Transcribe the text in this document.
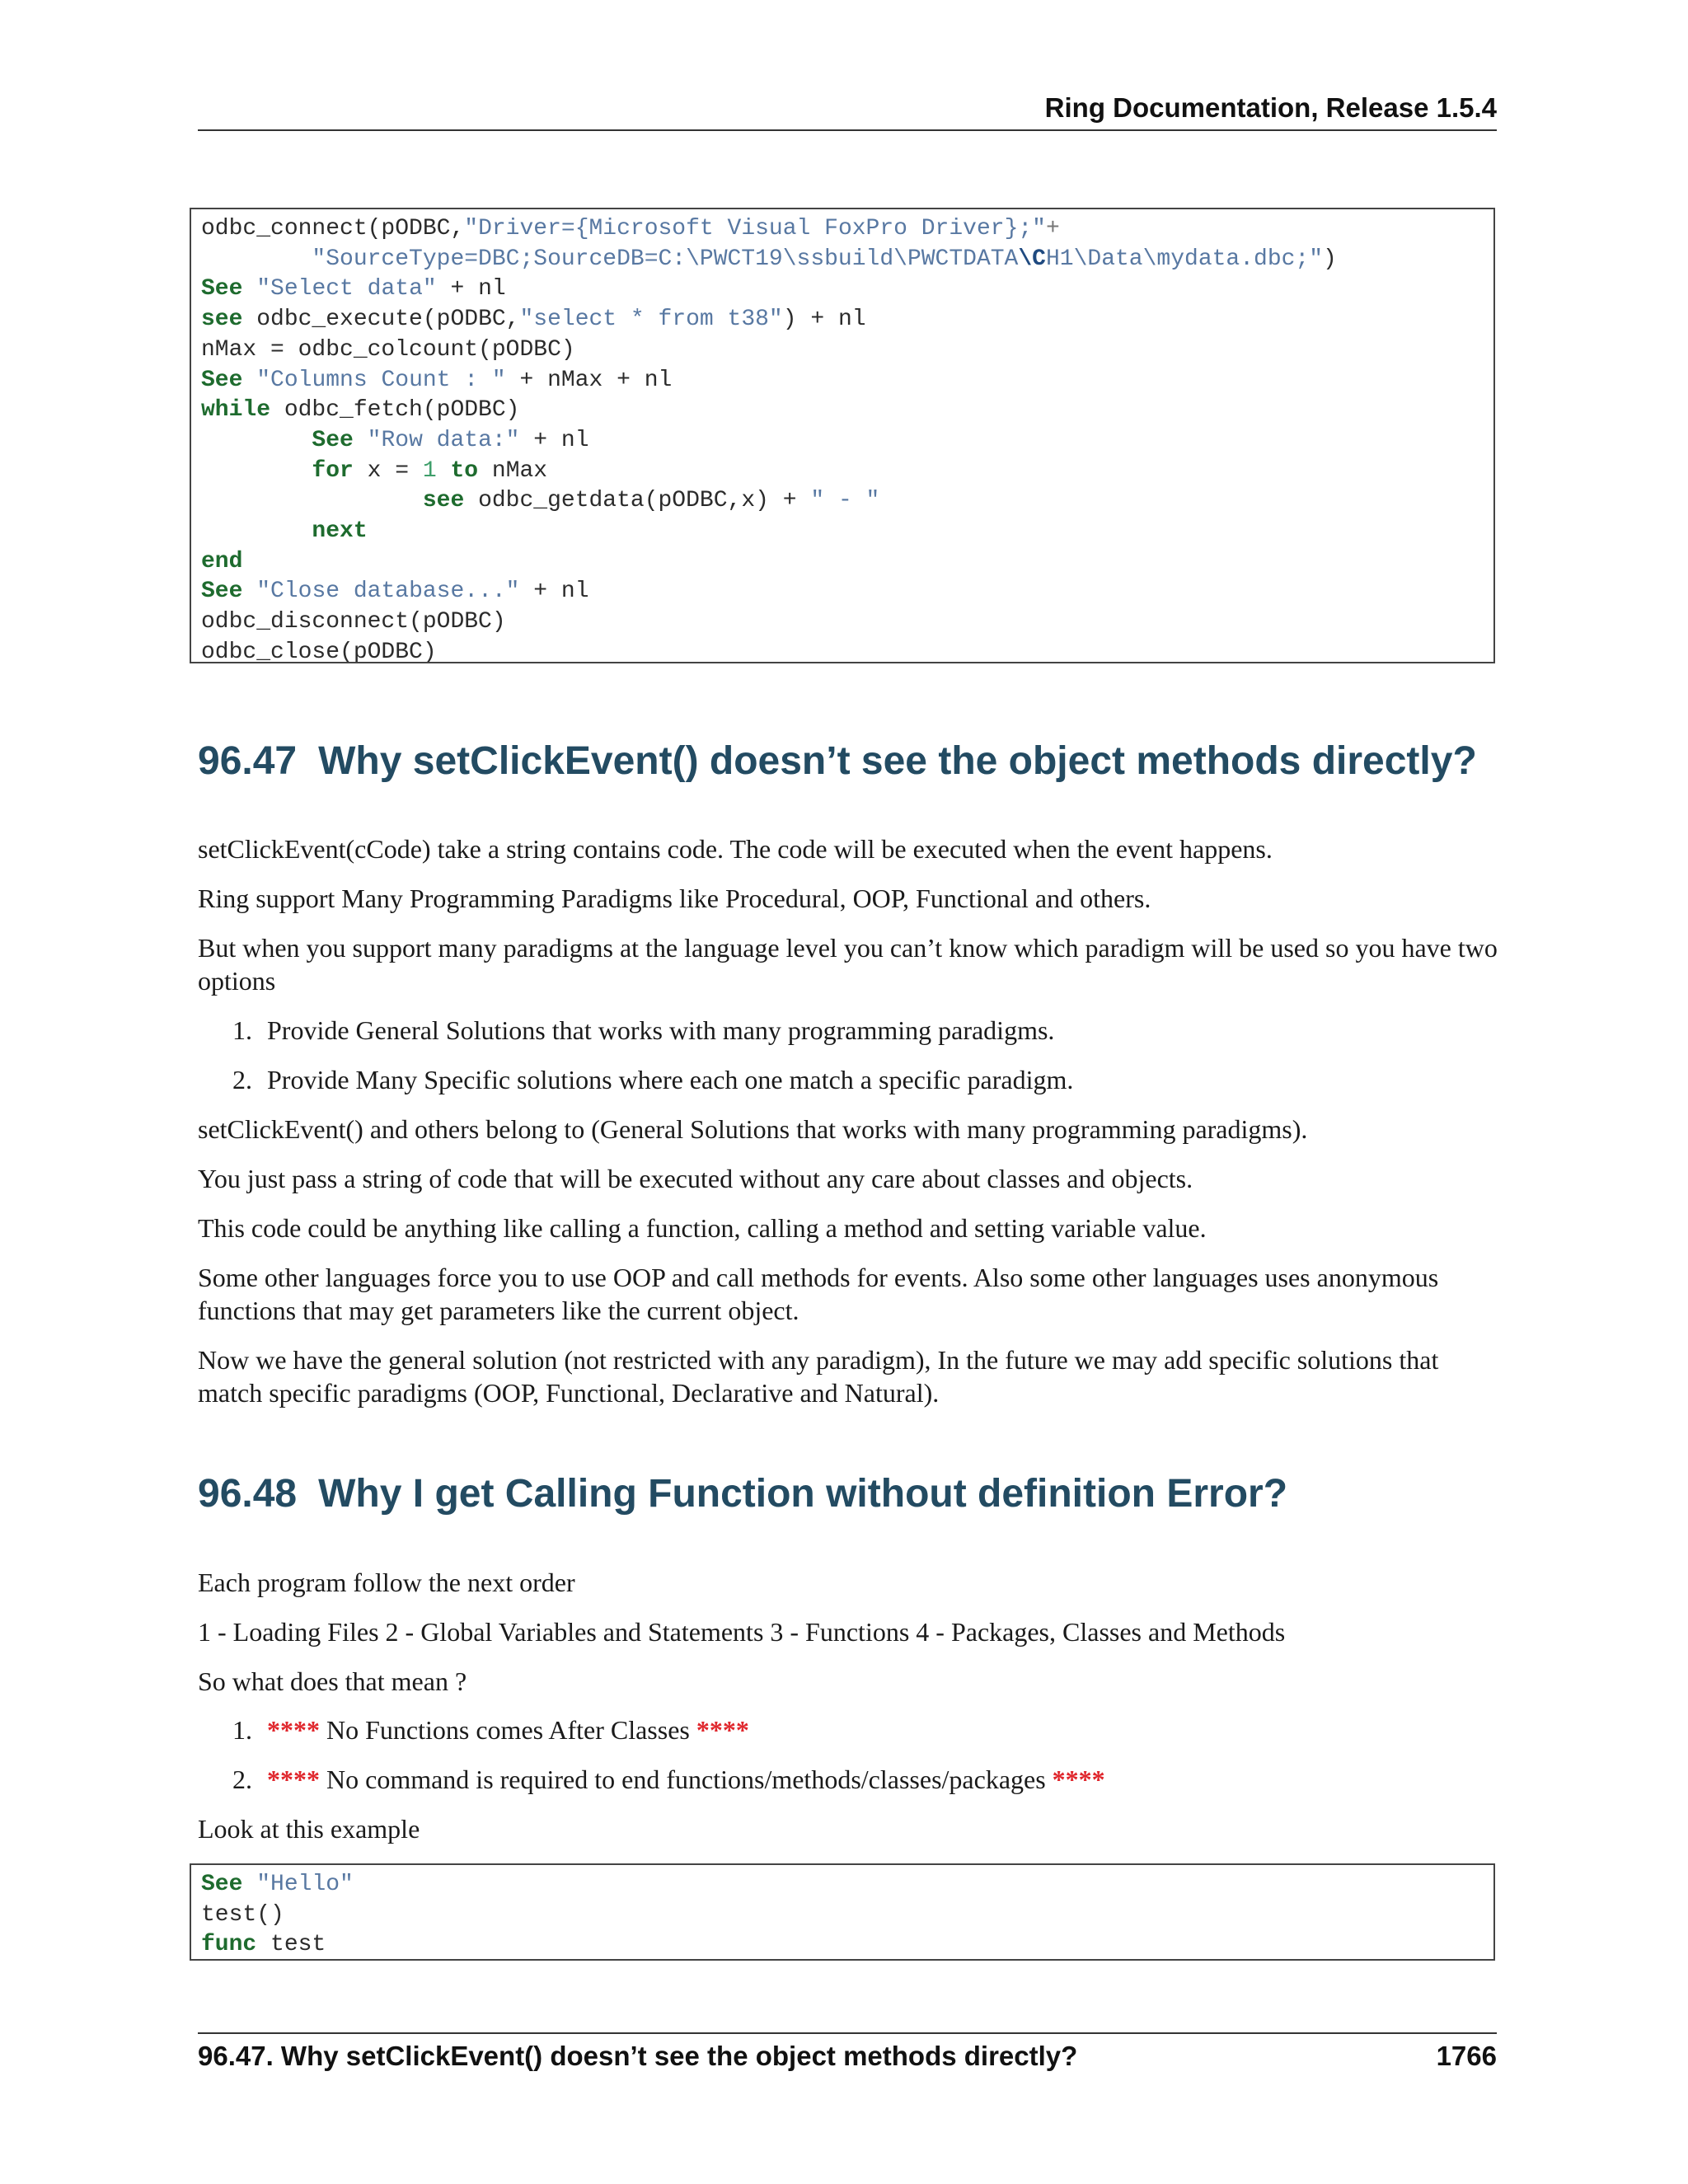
Ring Documentation, Release 1.5.4
odbc_connect(pODBC,"Driver={Microsoft Visual FoxPro Driver};"+
"SourceType=DBC;SourceDB=C:\PWCT19\ssbuild\PWCTDATA\CH1\Data\mydata.dbc;")
See "Select data" + nl
see odbc_execute(pODBC,"select * from t38") + nl
nMax = odbc_colcount(pODBC)
See "Columns Count : " + nMax + nl
while odbc_fetch(pODBC)
See "Row data:" + nl
for x = 1 to nMax
see odbc_getdata(pODBC,x) + " - "
next
end
See "Close database..." + nl
odbc_disconnect(pODBC)
odbc_close(pODBC)
96.47 Why setClickEvent() doesn’t see the object methods directly?

setClickEvent(cCode) take a string contains code. The code will be executed when the event happens.

Ring support Many Programming Paradigms like Procedural, OOP, Functional and others.

But when you support many paradigms at the language level you can’t know which paradigm will be used so you have two options

1. Provide General Solutions that works with many programming paradigms.
2. Provide Many Specific solutions where each one match a specific paradigm.

setClickEvent() and others belong to (General Solutions that works with many programming paradigms).

You just pass a string of code that will be executed without any care about classes and objects.

This code could be anything like calling a function, calling a method and setting variable value.

Some other languages force you to use OOP and call methods for events. Also some other languages uses anonymous functions that may get parameters like the current object.

Now we have the general solution (not restricted with any paradigm), In the future we may add specific solutions that match specific paradigms (OOP, Functional, Declarative and Natural).

96.48 Why I get Calling Function without definition Error?

Each program follow the next order

1 - Loading Files 2 - Global Variables and Statements 3 - Functions 4 - Packages, Classes and Methods

So what does that mean ?

1. **** No Functions comes After Classes ****
2. **** No command is required to end functions/methods/classes/packages ****

Look at this example

See "Hello"
test()
func test
96.47. Why setClickEvent() doesn’t see the object methods directly?	1766
